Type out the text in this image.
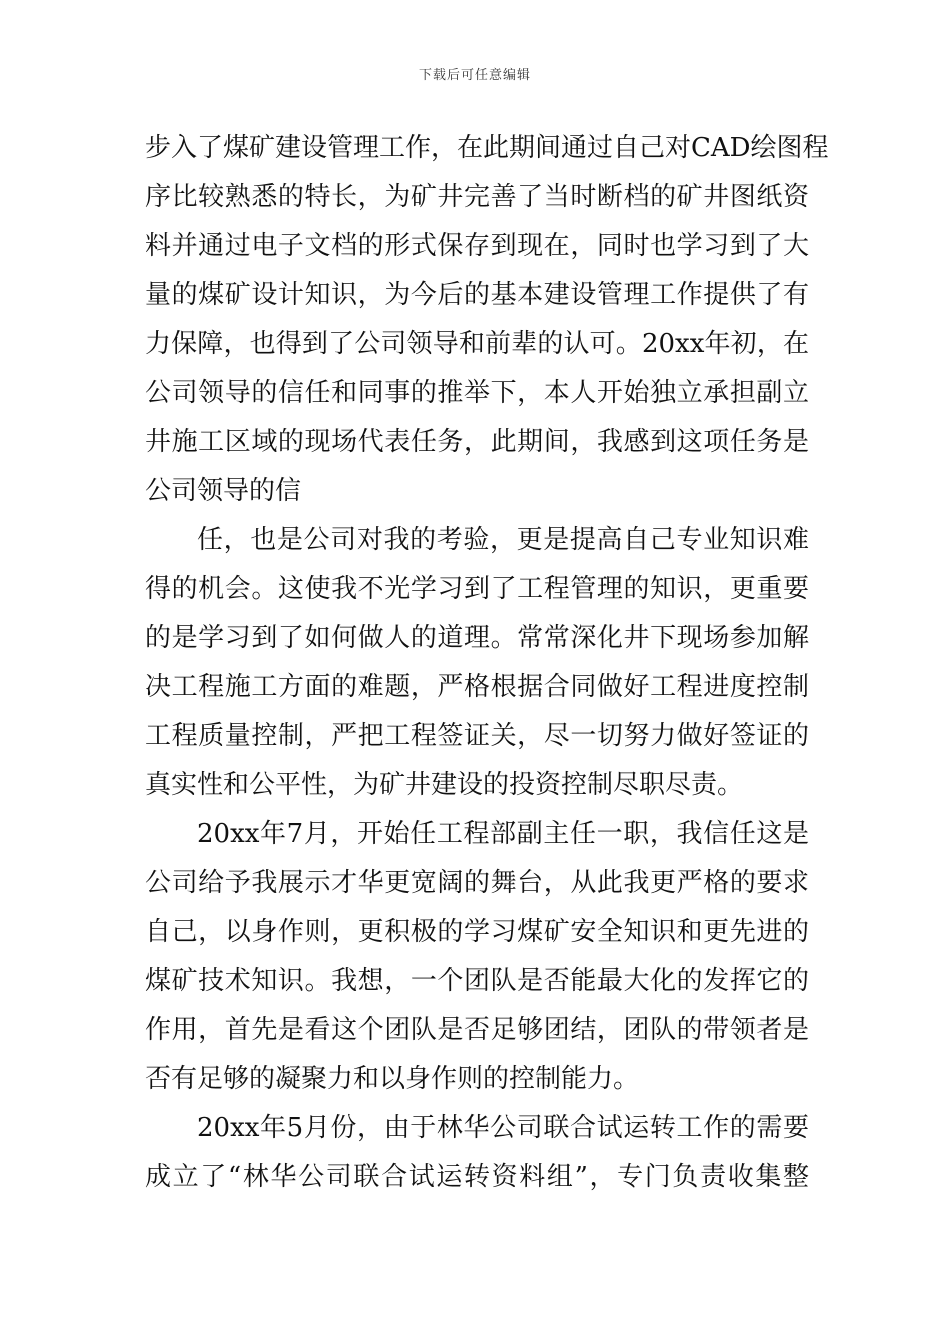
下载后可任意编辑

步入了煤矿建设管理工作，在此期间通过自己对CAD绘图程
序比较熟悉的特长，为矿井完善了当时断档的矿井图纸资
料并通过电子文档的形式保存到现在，同时也学习到了大
量的煤矿设计知识，为今后的基本建设管理工作提供了有
力保障，也得到了公司领导和前辈的认可。20xx年初，在
公司领导的信任和同事的推举下，本人开始独立承担副立
井施工区域的现场代表任务，此期间，我感到这项任务是
公司领导的信

任，也是公司对我的考验，更是提高自己专业知识难
得的机会。这使我不光学习到了工程管理的知识，更重要
的是学习到了如何做人的道理。常常深化井下现场参加解
决工程施工方面的难题，严格根据合同做好工程进度控制
工程质量控制，严把工程签证关，尽一切努力做好签证的
真实性和公平性，为矿井建设的投资控制尽职尽责。

20xx年7月，开始任工程部副主任一职，我信任这是
公司给予我展示才华更宽阔的舞台，从此我更严格的要求
自己，以身作则，更积极的学习煤矿安全知识和更先进的
煤矿技术知识。我想，一个团队是否能最大化的发挥它的
作用，首先是看这个团队是否足够团结，团队的带领者是
否有足够的凝聚力和以身作则的控制能力。

20xx年5月份，由于林华公司联合试运转工作的需要
成立了“林华公司联合试运转资料组”，专门负责收集整
